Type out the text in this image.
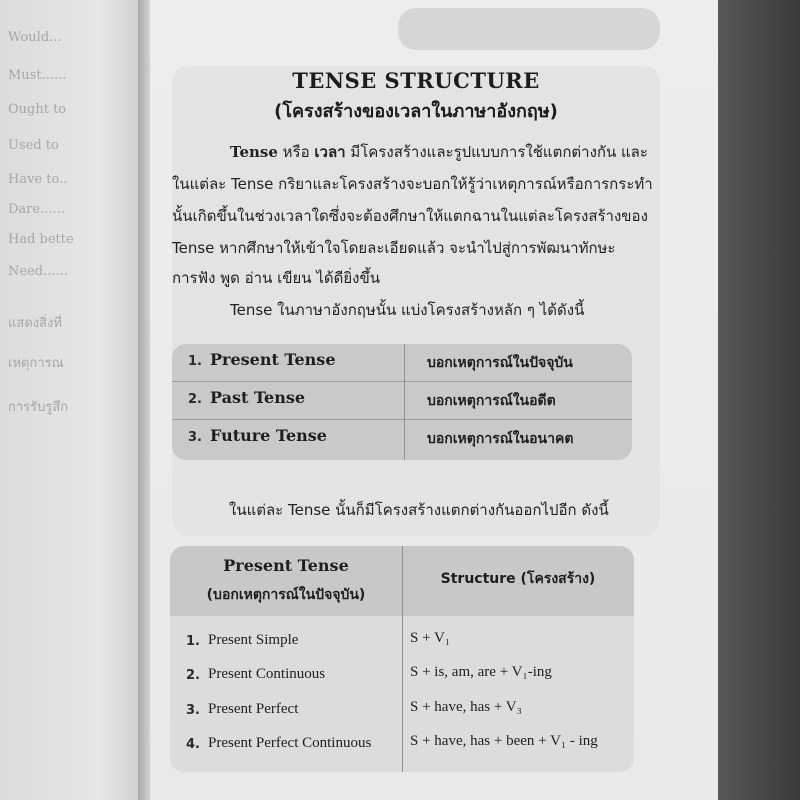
Would...
Must......
Ought to
Used to
Have to..
Dare......
Had bette
Need......
แสดงสิ่งที่
เหตุการณ
การรับรูสึก
TENSE STRUCTURE
(โครงสร้างของเวลาในภาษาอังกฤษ)
Tense หรือ เวลา มีโครงสร้างและรูปแบบการใช้แตกต่างกัน และ
ในแต่ละ Tense กริยาและโครงสร้างจะบอกให้รู้ว่าเหตุการณ์หรือการกระทำ
นั้นเกิดขึ้นในช่วงเวลาใดซึ่งจะต้องศึกษาให้แตกฉานในแต่ละโครงสร้างของ
Tense หากศึกษาให้เข้าใจโดยละเอียดแล้ว จะนำไปสู่การพัฒนาทักษะ
การฟัง พูด อ่าน เขียน ได้ดียิ่งขึ้น
Tense ในภาษาอังกฤษนั้น แบ่งโครงสร้างหลัก ๆ ได้ดังนี้
1. Present Tense	บอกเหตุการณ์ในปัจจุบัน
2. Past Tense	บอกเหตุการณ์ในอดีต
3. Future Tense	บอกเหตุการณ์ในอนาคต
ในแต่ละ Tense นั้นก็มีโครงสร้างแตกต่างกันออกไปอีก ดังนี้
Present Tense
(บอกเหตุการณ์ในปัจจุบัน)
Structure (โครงสร้าง)
1. Present Simple	S + V₁
2. Present Continuous	S + is, am, are + V₁-ing
3. Present Perfect	S + have, has + V₃
4. Present Perfect Continuous	S + have, has + been + V₁ - ing
